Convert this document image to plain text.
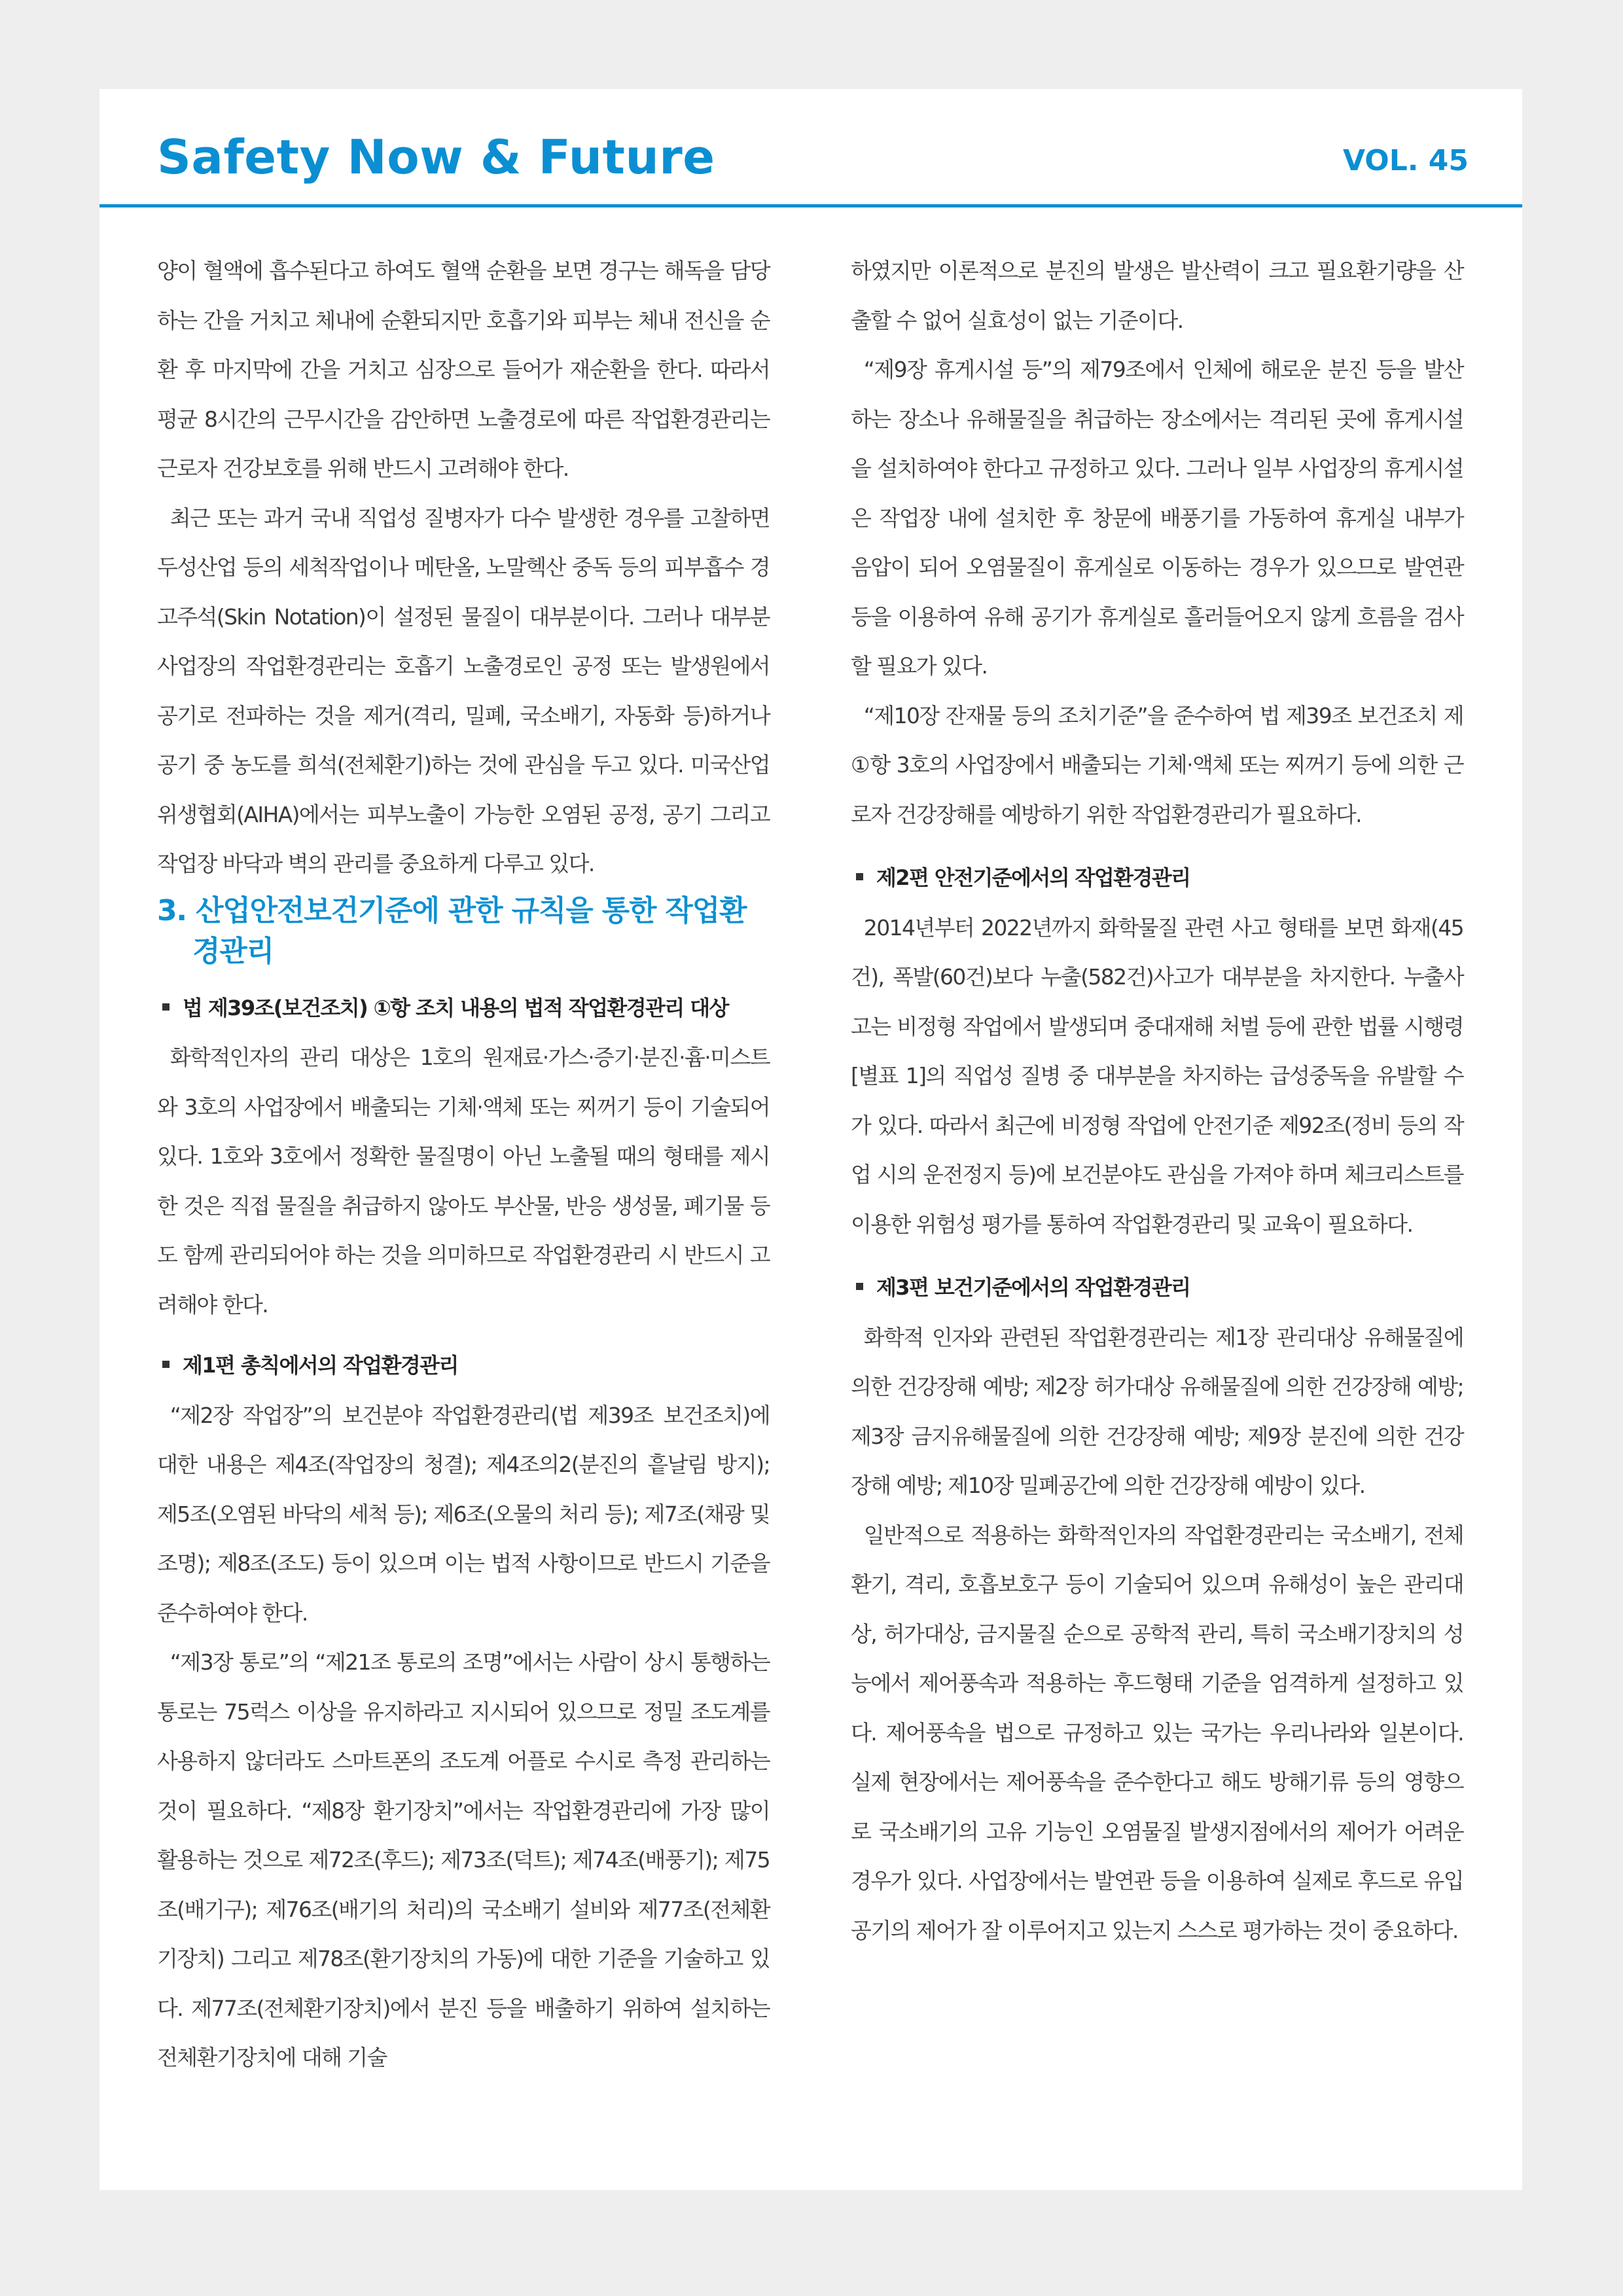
Safety Now & Future	VOL. 45

양이 혈액에 흡수된다고 하여도 혈액 순환을 보면 경구는 해독을 담당하는 간을 거치고 체내에 순환되지만 호흡기와 피부는 체내 전신을 순환 후 마지막에 간을 거치고 심장으로 들어가 재순환을 한다. 따라서 평균 8시간의 근무시간을 감안하면 노출경로에 따른 작업환경관리는 근로자 건강보호를 위해 반드시 고려해야 한다.

최근 또는 과거 국내 직업성 질병자가 다수 발생한 경우를 고찰하면 두성산업 등의 세척작업이나 메탄올, 노말헥산 중독 등의 피부흡수 경고주석(Skin Notation)이 설정된 물질이 대부분이다. 그러나 대부분 사업장의 작업환경관리는 호흡기 노출경로인 공정 또는 발생원에서 공기로 전파하는 것을 제거(격리, 밀폐, 국소배기, 자동화 등)하거나 공기 중 농도를 희석(전체환기)하는 것에 관심을 두고 있다. 미국산업위생협회(AIHA)에서는 피부노출이 가능한 오염된 공정, 공기 그리고 작업장 바닥과 벽의 관리를 중요하게 다루고 있다.

3. 산업안전보건기준에 관한 규칙을 통한 작업환경관리
법 제39조(보건조치) ①항 조치 내용의 법적 작업환경관리 대상

화학적인자의 관리 대상은 1호의 원재료·가스·증기·분진·흄·미스트와 3호의 사업장에서 배출되는 기체·액체 또는 찌꺼기 등이 기술되어 있다. 1호와 3호에서 정확한 물질명이 아닌 노출될 때의 형태를 제시한 것은 직접 물질을 취급하지 않아도 부산물, 반응 생성물, 폐기물 등도 함께 관리되어야 하는 것을 의미하므로 작업환경관리 시 반드시 고려해야 한다.

제1편 총칙에서의 작업환경관리

“제2장 작업장”의 보건분야 작업환경관리(법 제39조 보건조치)에 대한 내용은 제4조(작업장의 청결); 제4조의2(분진의 흩날림 방지); 제5조(오염된 바닥의 세척 등); 제6조(오물의 처리 등); 제7조(채광 및 조명); 제8조(조도) 등이 있으며 이는 법적 사항이므로 반드시 기준을 준수하여야 한다.

“제3장 통로”의 “제21조 통로의 조명”에서는 사람이 상시 통행하는 통로는 75럭스 이상을 유지하라고 지시되어 있으므로 정밀 조도계를 사용하지 않더라도 스마트폰의 조도계 어플로 수시로 측정 관리하는 것이 필요하다. “제8장 환기장치”에서는 작업환경관리에 가장 많이 활용하는 것으로 제72조(후드); 제73조(덕트); 제74조(배풍기); 제75조(배기구); 제76조(배기의 처리)의 국소배기 설비와 제77조(전체환기장치) 그리고 제78조(환기장치의 가동)에 대한 기준을 기술하고 있다. 제77조(전체환기장치)에서 분진 등을 배출하기 위하여 설치하는 전체환기장치에 대해 기술

하였지만 이론적으로 분진의 발생은 발산력이 크고 필요환기량을 산출할 수 없어 실효성이 없는 기준이다.

“제9장 휴게시설 등”의 제79조에서 인체에 해로운 분진 등을 발산하는 장소나 유해물질을 취급하는 장소에서는 격리된 곳에 휴게시설을 설치하여야 한다고 규정하고 있다. 그러나 일부 사업장의 휴게시설은 작업장 내에 설치한 후 창문에 배풍기를 가동하여 휴게실 내부가 음압이 되어 오염물질이 휴게실로 이동하는 경우가 있으므로 발연관 등을 이용하여 유해 공기가 휴게실로 흘러들어오지 않게 흐름을 검사할 필요가 있다.

“제10장 잔재물 등의 조치기준”을 준수하여 법 제39조 보건조치 제①항 3호의 사업장에서 배출되는 기체·액체 또는 찌꺼기 등에 의한 근로자 건강장해를 예방하기 위한 작업환경관리가 필요하다.

제2편 안전기준에서의 작업환경관리

2014년부터 2022년까지 화학물질 관련 사고 형태를 보면 화재(45건), 폭발(60건)보다 누출(582건)사고가 대부분을 차지한다. 누출사고는 비정형 작업에서 발생되며 중대재해 처벌 등에 관한 법률 시행령 [별표 1]의 직업성 질병 중 대부분을 차지하는 급성중독을 유발할 수가 있다. 따라서 최근에 비정형 작업에 안전기준 제92조(정비 등의 작업 시의 운전정지 등)에 보건분야도 관심을 가져야 하며 체크리스트를 이용한 위험성 평가를 통하여 작업환경관리 및 교육이 필요하다.

제3편 보건기준에서의 작업환경관리

화학적 인자와 관련된 작업환경관리는 제1장 관리대상 유해물질에 의한 건강장해 예방; 제2장 허가대상 유해물질에 의한 건강장해 예방; 제3장 금지유해물질에 의한 건강장해 예방; 제9장 분진에 의한 건강장해 예방; 제10장 밀폐공간에 의한 건강장해 예방이 있다.

일반적으로 적용하는 화학적인자의 작업환경관리는 국소배기, 전체환기, 격리, 호흡보호구 등이 기술되어 있으며 유해성이 높은 관리대상, 허가대상, 금지물질 순으로 공학적 관리, 특히 국소배기장치의 성능에서 제어풍속과 적용하는 후드형태 기준을 엄격하게 설정하고 있다. 제어풍속을 법으로 규정하고 있는 국가는 우리나라와 일본이다. 실제 현장에서는 제어풍속을 준수한다고 해도 방해기류 등의 영향으로 국소배기의 고유 기능인 오염물질 발생지점에서의 제어가 어려운 경우가 있다. 사업장에서는 발연관 등을 이용하여 실제로 후드로 유입공기의 제어가 잘 이루어지고 있는지 스스로 평가하는 것이 중요하다.
